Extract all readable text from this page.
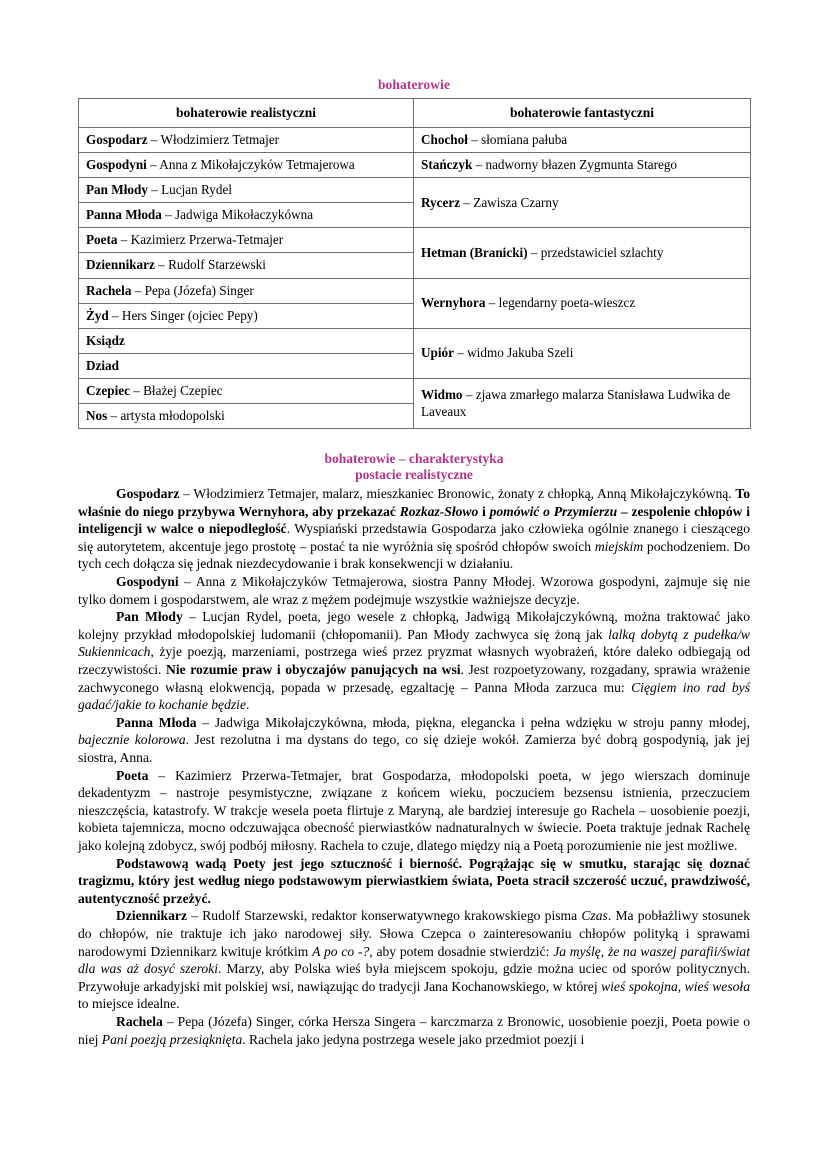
bohaterowie
bohaterowie realistyczni	bohaterowie fantastyczni
Gospodarz – Włodzimierz Tetmajer	Chochoł – słomiana pałuba
Gospodyni – Anna z Mikołajczyków Tetmajerowa	Stańczyk – nadworny błazen Zygmunta Starego
Pan Młody – Lucjan Rydel	Rycerz – Zawisza Czarny
Panna Młoda – Jadwiga Mikołaczykówna	
Poeta – Kazimierz Przerwa-Tetmajer	Hetman (Branicki) – przedstawiciel szlachty
Dziennikarz – Rudolf Starzewski	
Rachela – Pepa (Józefa) Singer	Wernyhora – legendarny poeta-wieszcz
Żyd – Hers Singer (ojciec Pepy)	
Ksiądz	Upiór – widmo Jakuba Szeli
Dziad	
Czepiec – Błażej Czepiec	Widmo – zjawa zmarłego malarza Stanisława Ludwika de Laveaux
Nos – artysta młodopolski	
bohaterowie – charakterystyka
postacie realistyczne

Gospodarz – Włodzimierz Tetmajer, malarz, mieszkaniec Bronowic, żonaty z chłopką, Anną Mikołajczykówną. To właśnie do niego przybywa Wernyhora, aby przekazać Rozkaz-Słowo i pomówić o Przymierzu – zespolenie chłopów i inteligencji w walce o niepodległość. Wyspiański przedstawia Gospodarza jako człowieka ogólnie znanego i cieszącego się autorytetem, akcentuje jego prostotę – postać ta nie wyróżnia się spośród chłopów swoich miejskim pochodzeniem. Do tych cech dołącza się jednak niezdecydowanie i brak konsekwencji w działaniu.

Gospodyni – Anna z Mikołajczyków Tetmajerowa, siostra Panny Młodej. Wzorowa gospodyni, zajmuje się nie tylko domem i gospodarstwem, ale wraz z mężem podejmuje wszystkie ważniejsze decyzje.

Pan Młody – Lucjan Rydel, poeta, jego wesele z chłopką, Jadwigą Mikołajczykówną, można traktować jako kolejny przykład młodopolskiej ludomanii (chłopomanii). Pan Młody zachwyca się żoną jak lalką dobytą z pudełka/w Sukiennicach, żyje poezją, marzeniami, postrzega wieś przez pryzmat własnych wyobrażeń, które daleko odbiegają od rzeczywistości. Nie rozumie praw i obyczajów panujących na wsi. Jest rozpoetyzowany, rozgadany, sprawia wrażenie zachwyconego własną elokwencją, popada w przesadę, egzaltację – Panna Młoda zarzuca mu: Cięgiem ino rad byś gadać/jakie to kochanie będzie.

Panna Młoda – Jadwiga Mikołajczykówna, młoda, piękna, elegancka i pełna wdzięku w stroju panny młodej, bajecznie kolorowa. Jest rezolutna i ma dystans do tego, co się dzieje wokół. Zamierza być dobrą gospodynią, jak jej siostra, Anna.

Poeta – Kazimierz Przerwa-Tetmajer, brat Gospodarza, młodopolski poeta, w jego wierszach dominuje dekadentyzm – nastroje pesymistyczne, związane z końcem wieku, poczuciem bezsensu istnienia, przeczuciem nieszczęścia, katastrofy. W trakcje wesela poeta flirtuje z Maryną, ale bardziej interesuje go Rachela – uosobienie poezji, kobieta tajemnicza, mocno odczuwająca obecność pierwiastków nadnaturalnych w świecie. Poeta traktuje jednak Rachelę jako kolejną zdobycz, swój podbój miłosny. Rachela to czuje, dlatego między nią a Poetą porozumienie nie jest możliwe.

Podstawową wadą Poety jest jego sztuczność i bierność. Pogrążając się w smutku, starając się doznać tragizmu, który jest według niego podstawowym pierwiastkiem świata, Poeta stracił szczerość uczuć, prawdziwość, autentyczność przeżyć.

Dziennikarz – Rudolf Starzewski, redaktor konserwatywnego krakowskiego pisma Czas. Ma pobłażliwy stosunek do chłopów, nie traktuje ich jako narodowej siły. Słowa Czepca o zainteresowaniu chłopów polityką i sprawami narodowymi Dziennikarz kwituje krótkim A po co -?, aby potem dosadnie stwierdzić: Ja myślę, że na waszej parafii/świat dla was aż dosyć szeroki. Marzy, aby Polska wieś była miejscem spokoju, gdzie można uciec od sporów politycznych. Przywołuje arkadyjski mit polskiej wsi, nawiązując do tradycji Jana Kochanowskiego, w której wieś spokojna, wieś wesoła to miejsce idealne.

Rachela – Pepa (Józefa) Singer, córka Hersza Singera – karczmarza z Bronowic, uosobienie poezji, Poeta powie o niej Pani poezją przesiąknięta. Rachela jako jedyna postrzega wesele jako przedmiot poezji i
